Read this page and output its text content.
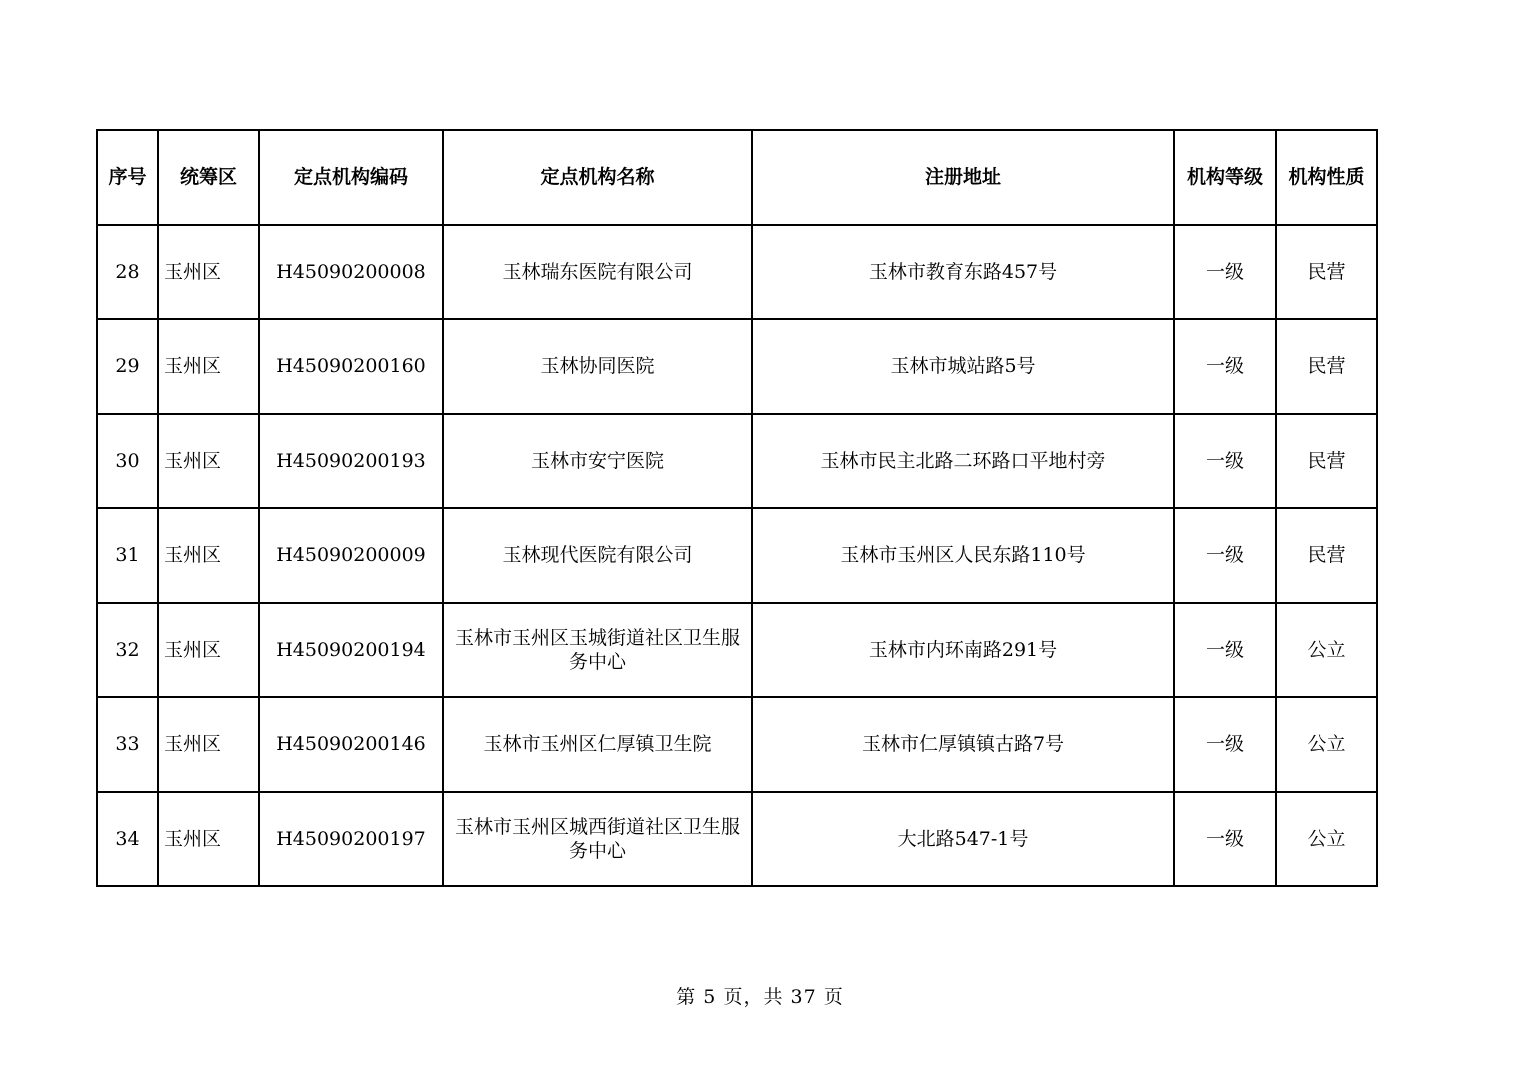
序号	统筹区	定点机构编码	定点机构名称	注册地址	机构等级	机构性质
28	玉州区	H45090200008	玉林瑞东医院有限公司	玉林市教育东路457号	一级	民营
29	玉州区	H45090200160	玉林协同医院	玉林市城站路5号	一级	民营
30	玉州区	H45090200193	玉林市安宁医院	玉林市民主北路二环路口平地村旁	一级	民营
31	玉州区	H45090200009	玉林现代医院有限公司	玉林市玉州区人民东路110号	一级	民营
32	玉州区	H45090200194	玉林市玉州区玉城街道社区卫生服务中心	玉林市内环南路291号	一级	公立
33	玉州区	H45090200146	玉林市玉州区仁厚镇卫生院	玉林市仁厚镇镇古路7号	一级	公立
34	玉州区	H45090200197	玉林市玉州区城西街道社区卫生服务中心	大北路547-1号	一级	公立
第 5 页，共 37 页
